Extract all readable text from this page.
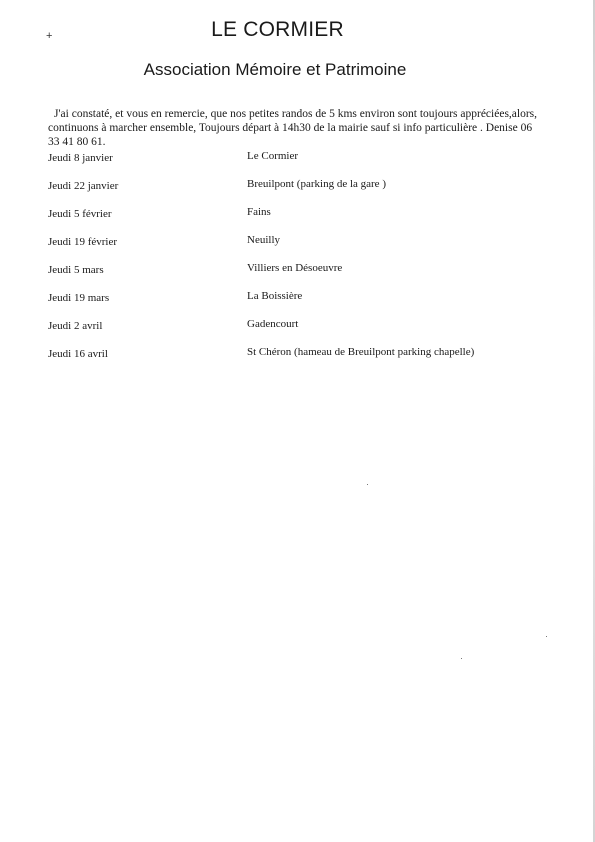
+	LE CORMIER
Association Mémoire et Patrimoine

J'ai constaté, et vous en remercie, que nos petites randos de 5 kms environ sont toujours appréciées,alors, continuons à marcher ensemble, Toujours départ à 14h30 de la mairie sauf si info particulière . Denise 06 33 41 80 61.

Jeudi 8 janvier	Le Cormier
Jeudi 22 janvier	Breuilpont (parking de la gare )
Jeudi 5 février	Fains
Jeudi 19 février	Neuilly
Jeudi 5 mars	Villiers en Désoeuvre
Jeudi 19 mars	La Boissière
Jeudi 2 avril	Gadencourt
Jeudi 16 avril	St Chéron (hameau de Breuilpont parking chapelle)
